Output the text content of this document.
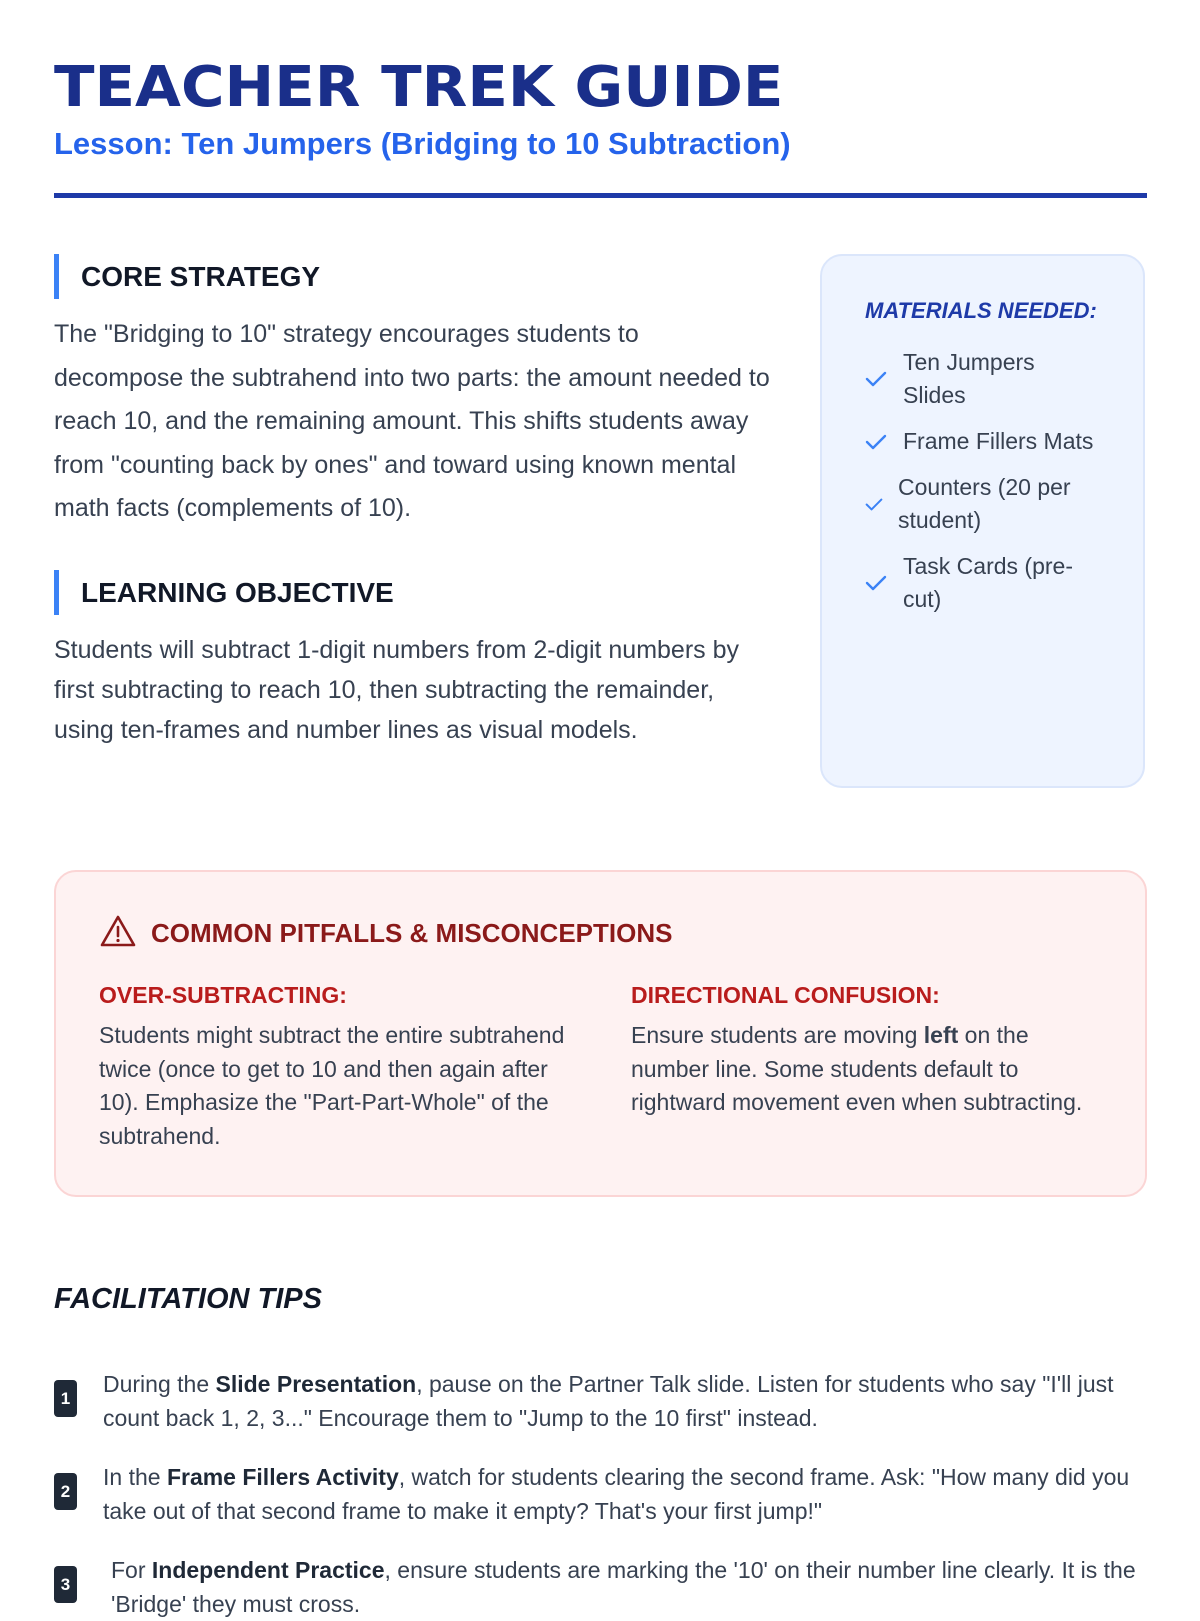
TEACHER TREK GUIDE
Lesson: Ten Jumpers (Bridging to 10 Subtraction)
CORE STRATEGY
The "Bridging to 10" strategy encourages students to decompose the subtrahend into two parts: the amount needed to reach 10, and the remaining amount. This shifts students away from "counting back by ones" and toward using known mental math facts (complements of 10).
LEARNING OBJECTIVE
Students will subtract 1-digit numbers from 2-digit numbers by first subtracting to reach 10, then subtracting the remainder, using ten-frames and number lines as visual models.
MATERIALS NEEDED:
Ten Jumpers Slides
Frame Fillers Mats
Counters (20 per student)
Task Cards (pre-cut)
COMMON PITFALLS & MISCONCEPTIONS
OVER-SUBTRACTING:
Students might subtract the entire subtrahend twice (once to get to 10 and then again after 10). Emphasize the "Part-Part-Whole" of the subtrahend.
DIRECTIONAL CONFUSION:
Ensure students are moving left on the number line. Some students default to rightward movement even when subtracting.
FACILITATION TIPS
1
During the Slide Presentation, pause on the Partner Talk slide. Listen for students who say "I'll just count back 1, 2, 3..." Encourage them to "Jump to the 10 first" instead.
2
In the Frame Fillers Activity, watch for students clearing the second frame. Ask: "How many did you take out of that second frame to make it empty? That's your first jump!"
3
For Independent Practice, ensure students are marking the '10' on their number line clearly. It is the 'Bridge' they must cross.
